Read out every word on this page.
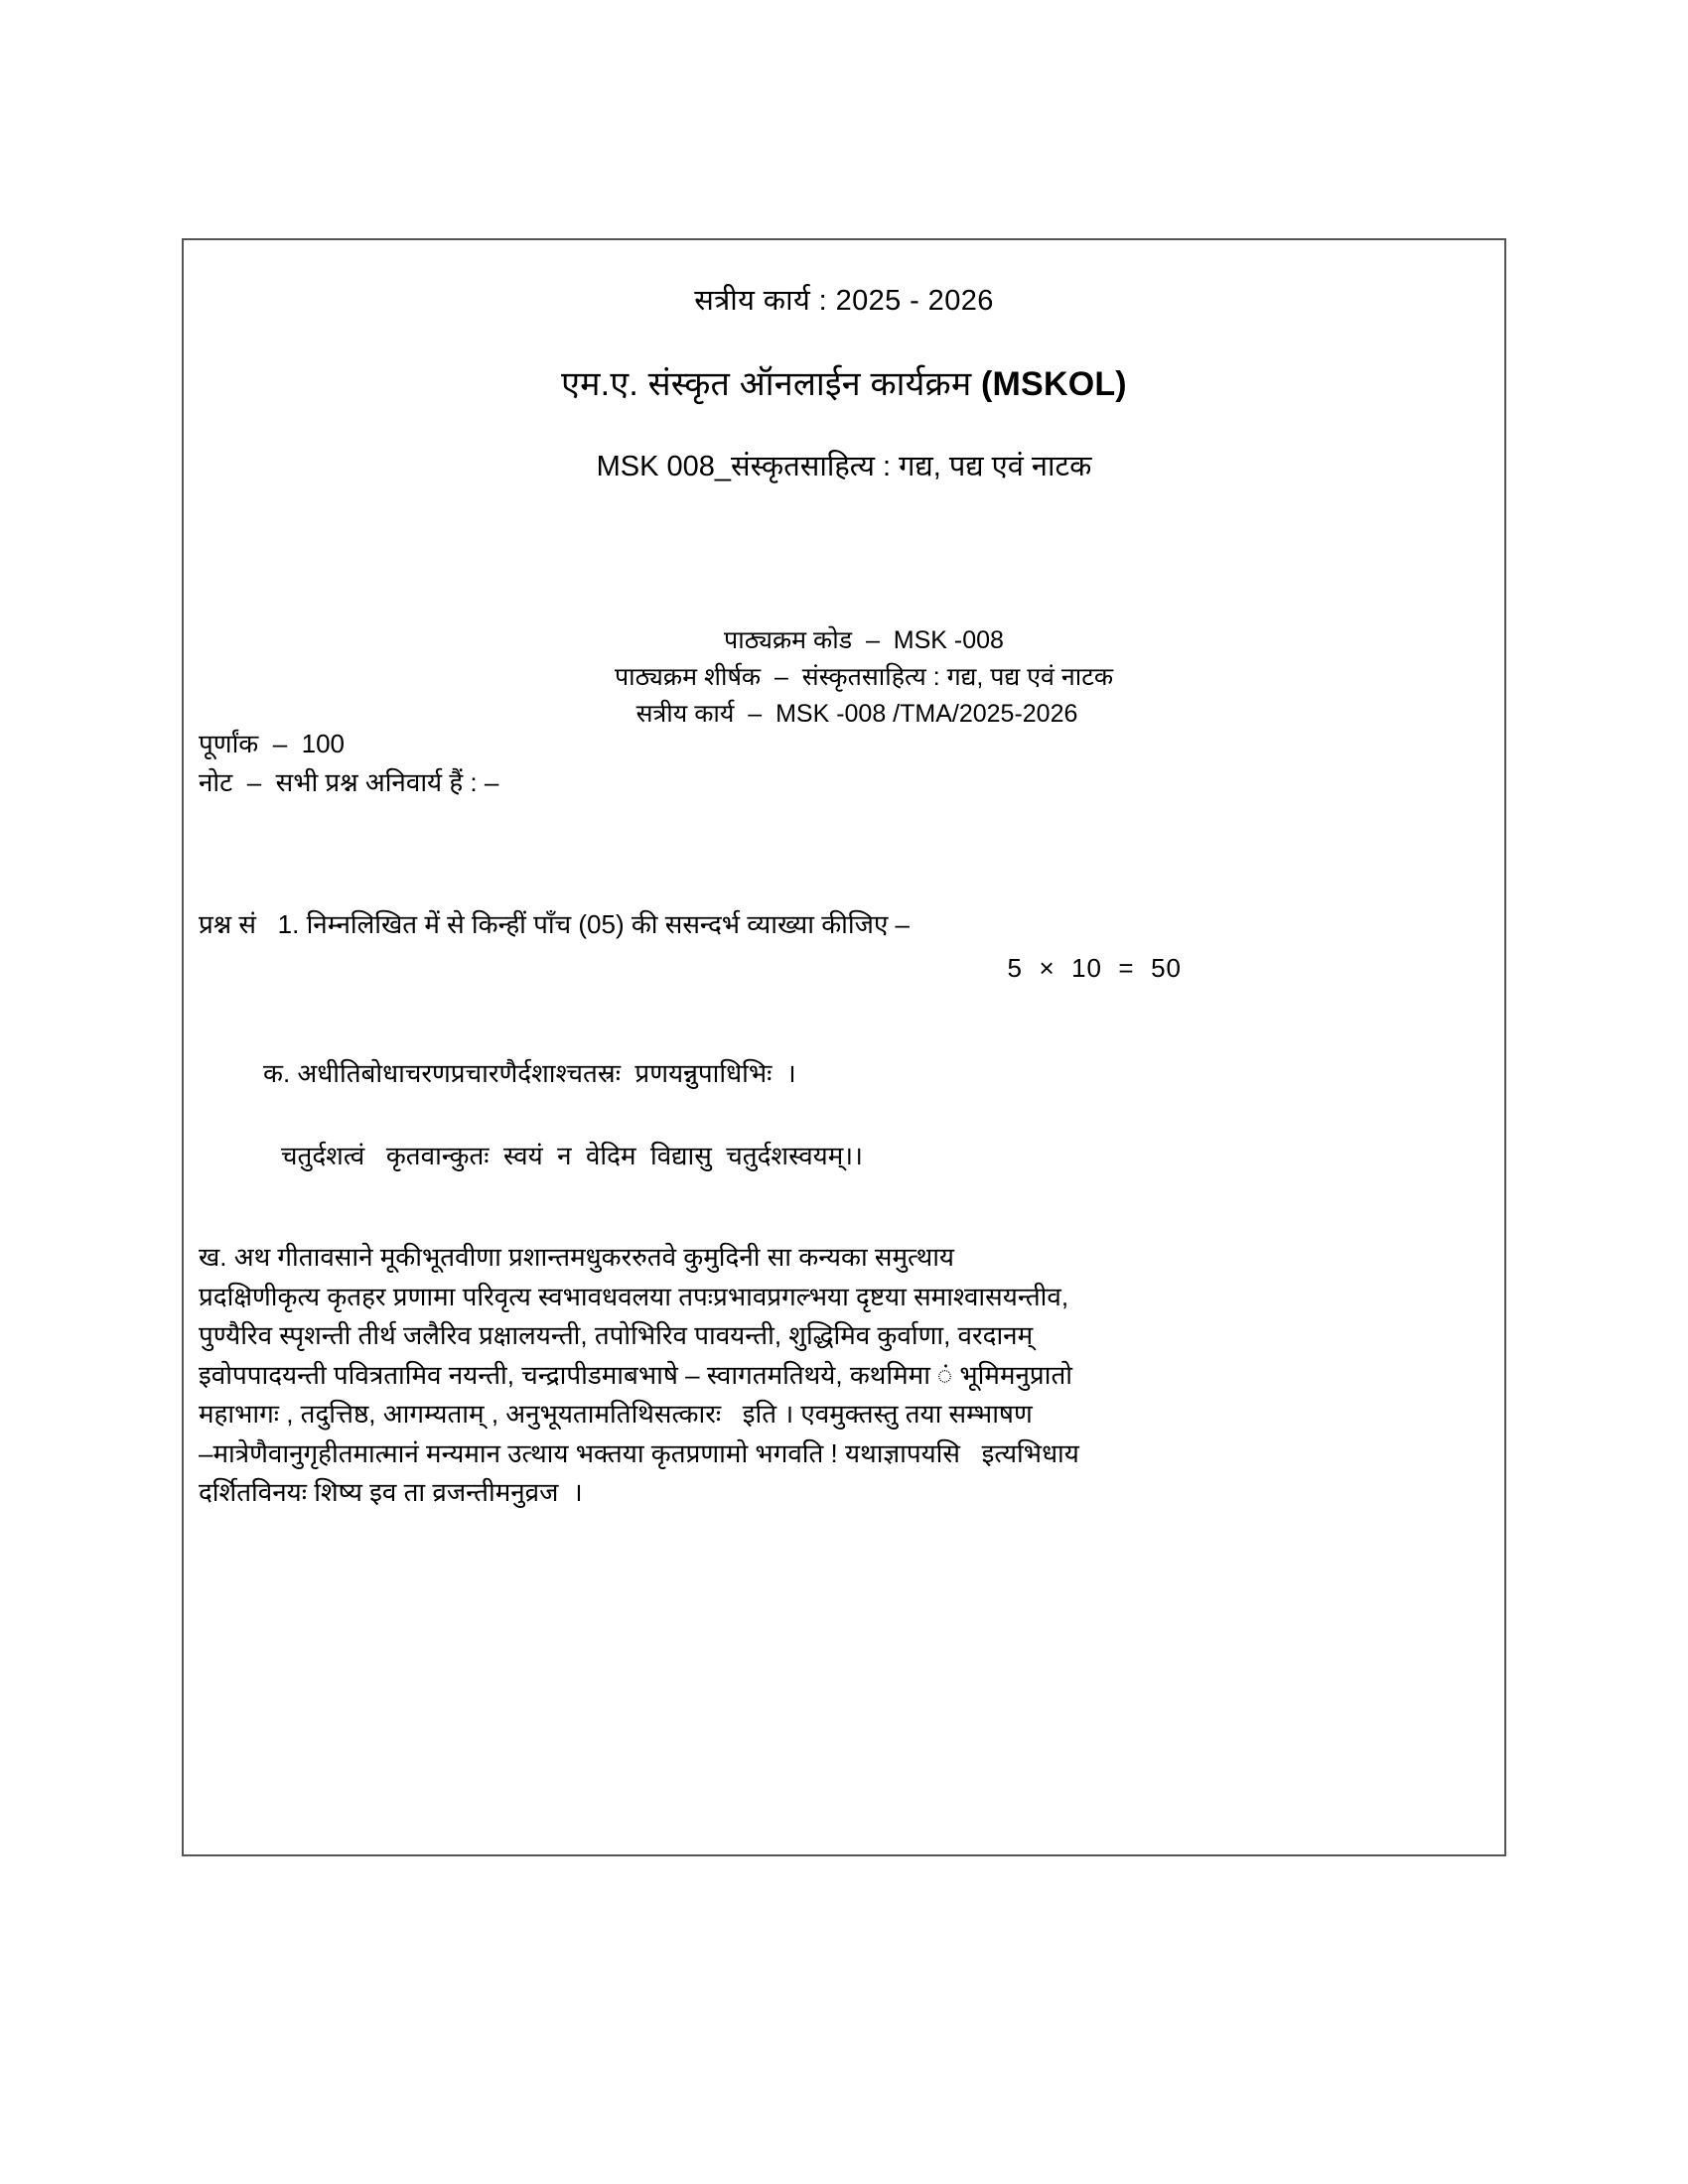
सत्रीय कार्य : 2025 - 2026
एम.ए. संस्कृत ऑनलाईन कार्यक्रम (MSKOL)
MSK 008_संस्कृतसाहित्य : गद्य, पद्य एवं नाटक
पाठ्यक्रम कोड  –  MSK -008
पाठ्यक्रम शीर्षक  –  संस्कृतसाहित्य : गद्य, पद्य एवं नाटक
सत्रीय कार्य  –  MSK -008 /TMA/2025-2026
पूर्णांक  –  100
नोट  –  सभी प्रश्न अनिवार्य हैं : –
प्रश्न सं   1. निम्नलिखित में से किन्हीं पाँच (05) की ससन्दर्भ व्याख्या कीजिए –
5  ×  10  =  50
क. अधीतिबोधाचरणप्रचारणैर्दशाश्चतस्रः  प्रणयन्नुपाधिभिः  ।
चतुर्दशत्वं   कृतवान्कुतः  स्वयं  न  वेदिम  विद्यासु  चतुर्दशस्वयम्।।
ख. अथ गीतावसाने मूकीभूतवीणा प्रशान्तमधुकररुतवे कुमुदिनी सा कन्यका समुत्थाय
प्रदक्षिणीकृत्य कृतहर प्रणामा परिवृत्य स्वभावधवलया तपःप्रभावप्रगल्भया दृष्टया समाश्वासयन्तीव,
पुण्यैरिव स्पृशन्ती तीर्थ जलैरिव प्रक्षालयन्ती, तपोभिरिव पावयन्ती, शुद्धिमिव कुर्वाणा, वरदानम्
इवोपपादयन्ती पवित्रतामिव नयन्ती, चन्द्रापीडमाबभाषे – स्वागतमतिथये, कथमिमा ं भूमिमनुप्रातो
महाभागः , तदुत्तिष्ठ, आगम्यताम् , अनुभूयतामतिथिसत्कारः   इति । एवमुक्तस्तु तया सम्भाषण
–मात्रेणैवानुगृहीतमात्मानं मन्यमान उत्थाय भक्तया कृतप्रणामो भगवति ! यथाज्ञापयसि   इत्यभिधाय
दर्शितविनयः शिष्य इव ता व्रजन्तीमनुव्रज  ।
